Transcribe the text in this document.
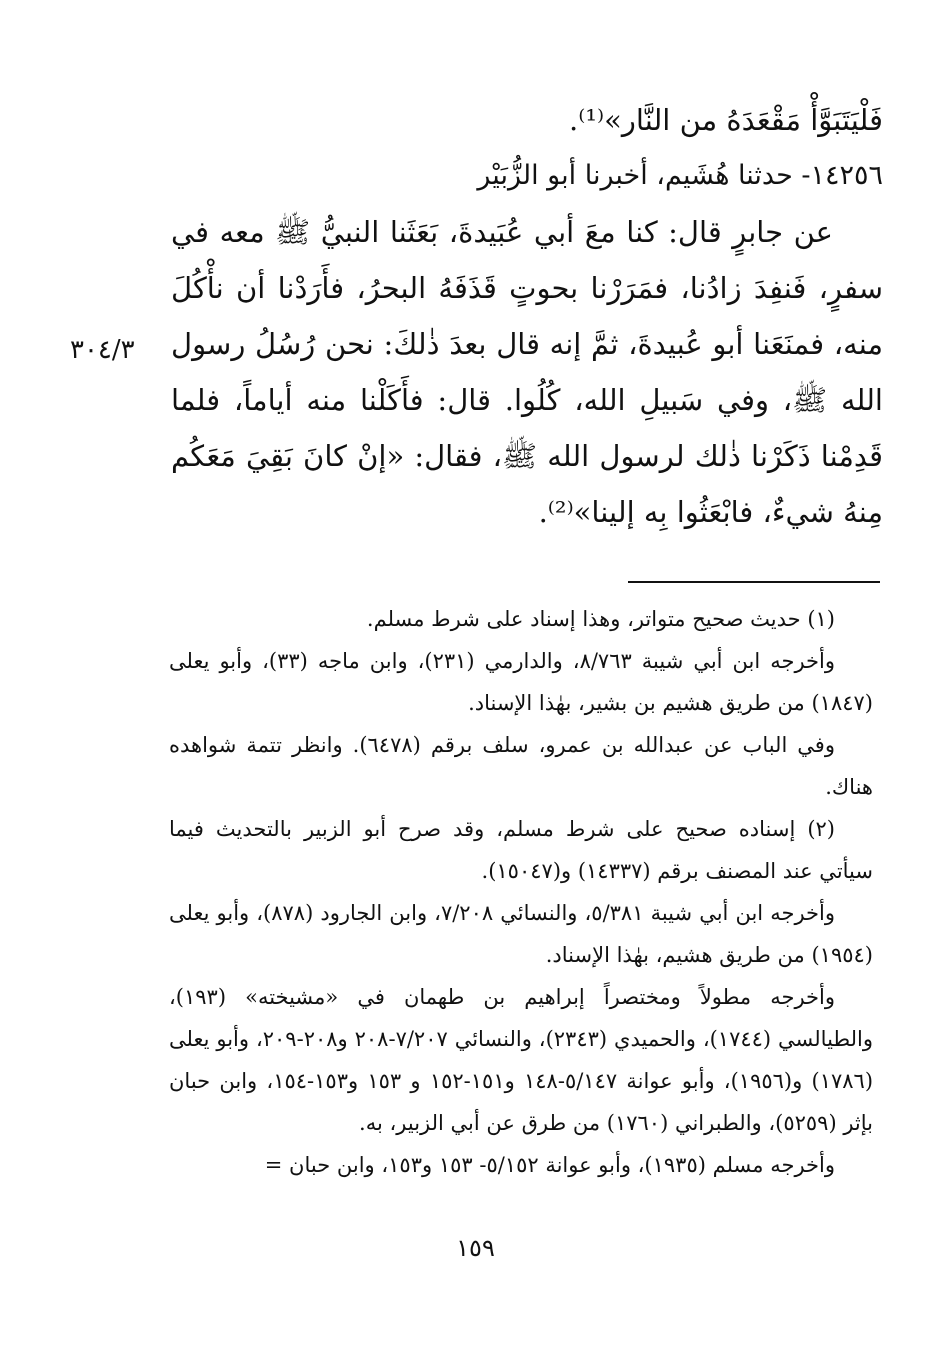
فَلْيَتَبَوَّأْ مَقْعَدَهُ من النَّار»⁽¹⁾.

١٤٢٥٦- حدثنا هُشَيم، أخبرنا أبو الزُّبَيْر

عن جابرٍ قال: كنا معَ أبي عُبَيدةَ، بَعَثَنا النبيُّ ﷺ معه في سفرٍ، فَنفِدَ زادُنا، فمَرَرْنا بحوتٍ قَذَفَهُ البحرُ، فأَرَدْنا أن نأْكُلَ منه، فمنَعَنا أبو عُبيدةَ، ثمَّ إنه قال بعدَ ذٰلكَ: نحن رُسُلُ رسول الله ﷺ، وفي سَبيلِ الله، كُلُوا. قال: فأَكَلْنا منه أياماً، فلما قَدِمْنا ذَكَرْنا ذٰلك لرسول الله ﷺ، فقال: «إنْ كانَ بَقِيَ مَعَكُم مِنهُ شيءٌ، فابْعَثُوا بِه إلينا»⁽²⁾.

٣٠٤/٣

(١) حديث صحيح متواتر، وهذا إسناد على شرط مسلم.

وأخرجه ابن أبي شيبة ٨/٧٦٣، والدارمي (٢٣١)، وابن ماجه (٣٣)، وأبو يعلى (١٨٤٧) من طريق هشيم بن بشير، بهٰذا الإسناد.

وفي الباب عن عبدالله بن عمرو، سلف برقم (٦٤٧٨). وانظر تتمة شواهده هناك.

(٢) إسناده صحيح على شرط مسلم، وقد صرح أبو الزبير بالتحديث فيما سيأتي عند المصنف برقم (١٤٣٣٧) و(١٥٠٤٧).

وأخرجه ابن أبي شيبة ٥/٣٨١، والنسائي ٧/٢٠٨، وابن الجارود (٨٧٨)، وأبو يعلى (١٩٥٤) من طريق هشيم، بهٰذا الإسناد.

وأخرجه مطولاً ومختصراً إبراهيم بن طهمان في «مشيخته» (١٩٣)، والطيالسي (١٧٤٤)، والحميدي (٢٣٤٣)، والنسائي ٧/٢٠٧-٢٠٨ و٢٠٨-٢٠٩، وأبو يعلى (١٧٨٦) و(١٩٥٦)، وأبو عوانة ٥/١٤٧-١٤٨ و١٥١-١٥٢ و ١٥٣ و١٥٣-١٥٤، وابن حبان بإثر (٥٢٥٩)، والطبراني (١٧٦٠) من طرق عن أبي الزبير، به.

وأخرجه مسلم (١٩٣٥)، وأبو عوانة ٥/١٥٢- ١٥٣ و١٥٣، وابن حبان =

١٥٩
